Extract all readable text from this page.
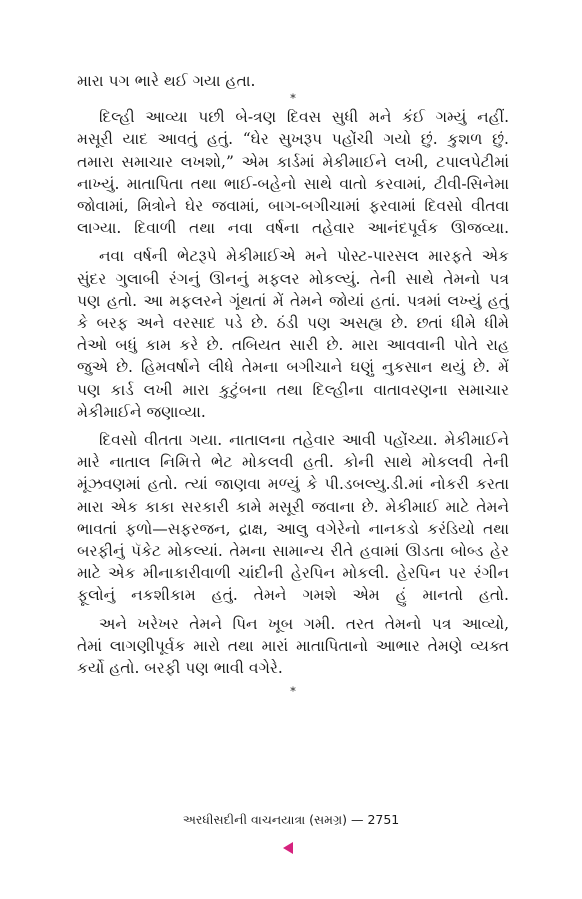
મારા પગ ભારે થઈ ગયા હતા.
*
દિલ્હી આવ્યા પછી બે-ત્રણ દિવસ સુધી મને કંઈ ગમ્યું નહીં.
મસૂરી યાદ આવતું હતું. “ઘેર સુખરૂપ પહોંચી ગયો છું. કુશળ છું.
તમારા સમાચાર લખશો,” એમ કાર્ડમાં મેકીમાઈને લખી, ટપાલપેટીમાં
નાખ્યું. માતાપિતા તથા ભાઈ-બહેનો સાથે વાતો કરવામાં, ટીવી-સિનેમા
જોવામાં, મિત્રોને ઘેર જવામાં, બાગ-બગીચામાં ફરવામાં દિવસો વીતવા
લાગ્યા. દિવાળી તથા નવા વર્ષના તહેવાર આનંદપૂર્વક ઊજવ્યા.
નવા વર્ષની ભેટરૂપે મેકીમાઈએ મને પોસ્ટ-પારસલ મારફતે એક
સુંદર ગુલાબી રંગનું ઊનનું મફલર મોકલ્યું. તેની સાથે તેમનો પત્ર
પણ હતો. આ મફલરને ગૂંથતાં મેં તેમને જોયાં હતાં. પત્રમાં લખ્યું હતું
કે બરફ અને વરસાદ પડે છે. ઠંડી પણ અસહ્ય છે. છતાં ધીમે ધીમે
તેઓ બધું કામ કરે છે. તબિયત સારી છે. મારા આવવાની પોતે રાહ
જુએ છે. હિમવર્ષાને લીધે તેમના બગીચાને ઘણું નુકસાન થયું છે. મેં
પણ કાર્ડ લખી મારા કુટુંબના તથા દિલ્હીના વાતાવરણના સમાચાર
મેકીમાઈને જણાવ્યા.
દિવસો વીતતા ગયા. નાતાલના તહેવાર આવી પહોંચ્યા. મેકીમાઈને
મારે નાતાલ નિમિત્તે ભેટ મોકલવી હતી. કોની સાથે મોકલવી તેની
મૂંઝવણમાં હતો. ત્યાં જાણવા મળ્યું કે પી.ડબલ્યુ.ડી.માં નોકરી કરતા
મારા એક કાકા સરકારી કામે મસૂરી જવાના છે. મેકીમાઈ માટે તેમને
ભાવતાં ફળો—સફરજન, દ્રાક્ષ, આલુ વગેરેનો નાનકડો કરંડિયો તથા
બરફીનું પૅકેટ મોકલ્યાં. તેમના સામાન્ય રીતે હવામાં ઊડતા બોબ્ડ હેર
માટે એક મીનાકારીવાળી ચાંદીની હેરપિન મોકલી. હેરપિન પર રંગીન
ફૂલોનું નકશીકામ હતું. તેમને ગમશે એમ હું માનતો હતો.
અને ખરેખર તેમને પિન ખૂબ ગમી. તરત તેમનો પત્ર આવ્યો,
તેમાં લાગણીપૂર્વક મારો તથા મારાં માતાપિતાનો આભાર તેમણે વ્યક્ત
કર્યો હતો. બરફી પણ ભાવી વગેરે.
*
અરધીસદીની વાચનયાત્રા (સમગ્ર) — 2751
